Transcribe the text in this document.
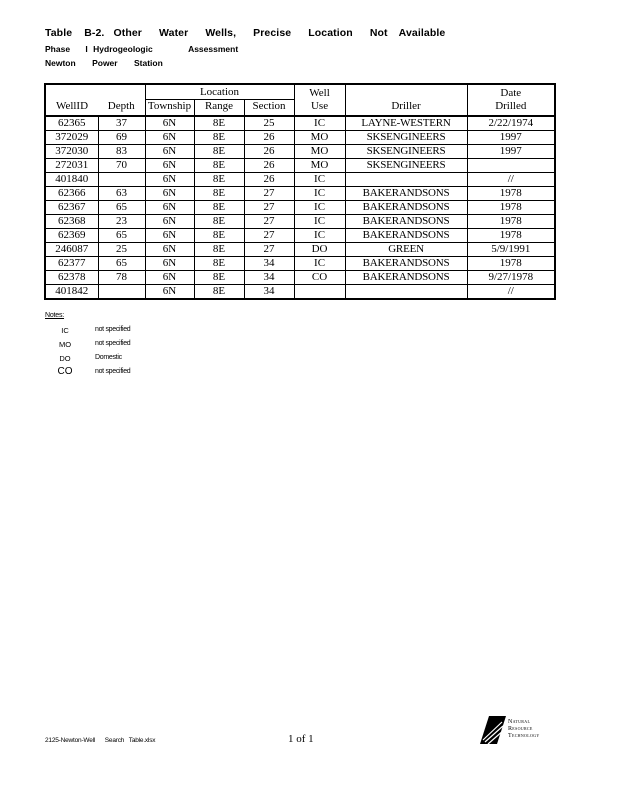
Table B-2. Other Water Wells, Precise Location Not Available
Phase I Hydrogeologic	Assessment
Newton Power Station
		Location			Well		Date
WellID	Depth	Township	Range	Section	Use	Driller	Drilled
62365	37	6N	8E	25	IC	LAYNE-WESTERN	2/22/1974
372029	69	6N	8E	26	MO	SKSENGINEERS	1997
372030	83	6N	8E	26	MO	SKSENGINEERS	1997
272031	70	6N	8E	26	MO	SKSENGINEERS	
401840		6N	8E	26	IC		//
62366	63	6N	8E	27	IC	BAKERANDSONS	1978
62367	65	6N	8E	27	IC	BAKERANDSONS	1978
62368	23	6N	8E	27	IC	BAKERANDSONS	1978
62369	65	6N	8E	27	IC	BAKERANDSONS	1978
246087	25	6N	8E	27	DO	GREEN	5/9/1991
62377	65	6N	8E	34	IC	BAKERANDSONS	1978
62378	78	6N	8E	34	CO	BAKERANDSONS	9/27/1978
401842		6N	8E	34			//
Notes:
IC	not specified
MO	not specified
DO	Domestic
CO	not specified
2125-Newton-Well Search Table.xlsx	1 of 1
Natural
Resource
Technology
